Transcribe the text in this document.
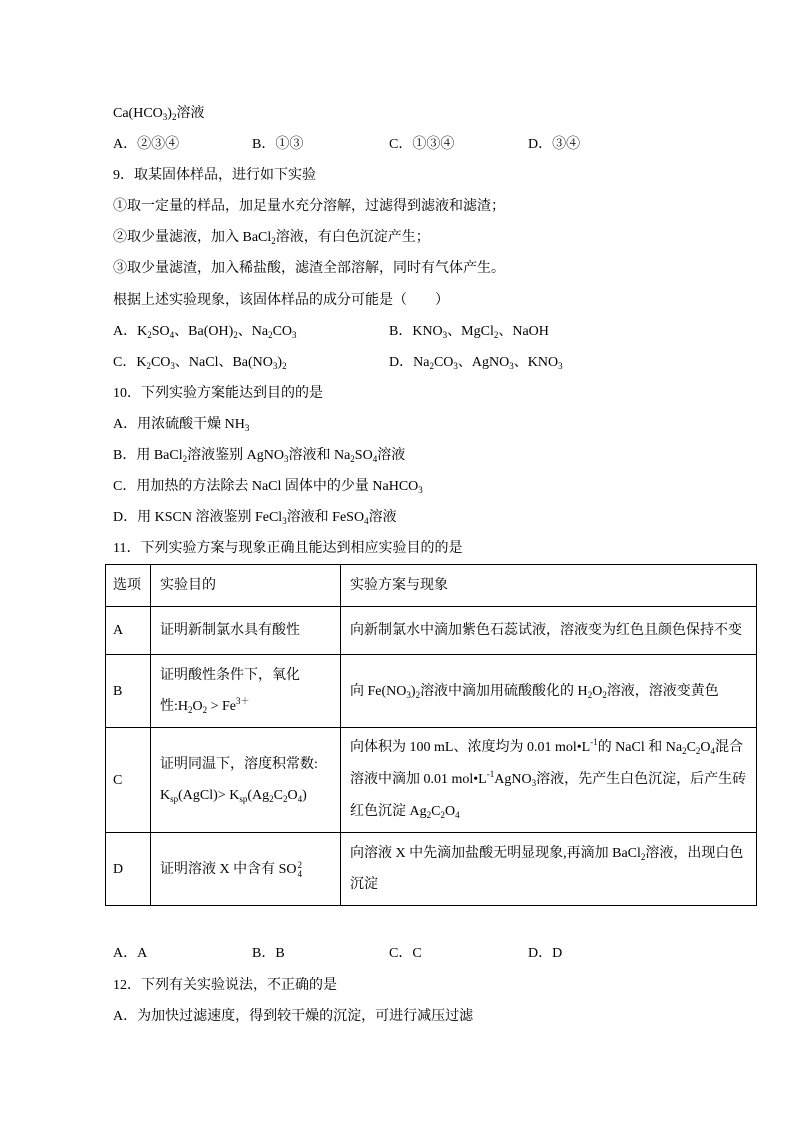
$Ca(HCO_3)_2$溶液
A．②③④	B．①③	C．①③④	D．③④
9．取某固体样品，进行如下实验
①取一定量的样品，加足量水充分溶解，过滤得到滤液和滤渣；
②取少量滤液，加入 BaCl$_2$溶液，有白色沉淀产生；
③取少量滤渣，加入稀盐酸，滤渣全部溶解，同时有气体产生。
根据上述实验现象，该固体样品的成分可能是（　　）
A．$K_2SO_4$、$Ba(OH)_2$、$Na_2CO_3$	B．$KNO_3$、MgCl$_2$、NaOH
C．$K_2CO_3$、NaCl、$Ba(NO_3)_2$	D．$Na_2CO_3$、AgNO$_3$、$KNO_3$
10．下列实验方案能达到目的的是
A．用浓硫酸干燥 $NH_3$
B．用 BaCl$_2$溶液鉴别 AgNO$_3$溶液和 $Na_2SO_4$溶液
C．用加热的方法除去 NaCl 固体中的少量 NaHCO$_3$
D．用 KSCN 溶液鉴别 FeCl$_3$溶液和 FeSO$_4$溶液
11．下列实验方案与现象正确且能达到相应实验目的的是
选项	实验目的	实验方案与现象

A	证明新制氯水具有酸性	向新制氯水中滴加紫色石蕊试液，溶液变为红色且颜色保持不变

B	证明酸性条件下，氧化
性$:H_2O_2 > Fe^{3+}$	向 $Fe(NO_3)_2$溶液中滴加用硫酸酸化的 $H_2O_2$溶液，溶液变黄色

C	证明同温下，溶度积常数:
$K_{sp}(AgCl)> K_{sp}(Ag_2C_2O_4)$	向体积为 100 mL、浓度均为 0.01 $mol•L^{-1}$的 NaCl 和 $Na_2C_2O_4$混合
溶液中滴加 0.01 $mol•L^{-1}AgNO_3$溶液，先产生白色沉淀，后产生砖
红色沉淀 $Ag_2C_2O_4$

D	证明溶液 X 中含有 SO 2
4	向溶液 X 中先滴加盐酸无明显现象,再滴加 BaCl$_2$溶液，出现白色
沉淀
A．A	B．B	C．C	D．D
12．下列有关实验说法，不正确的是
A．为加快过滤速度，得到较干燥的沉淀，可进行减压过滤
